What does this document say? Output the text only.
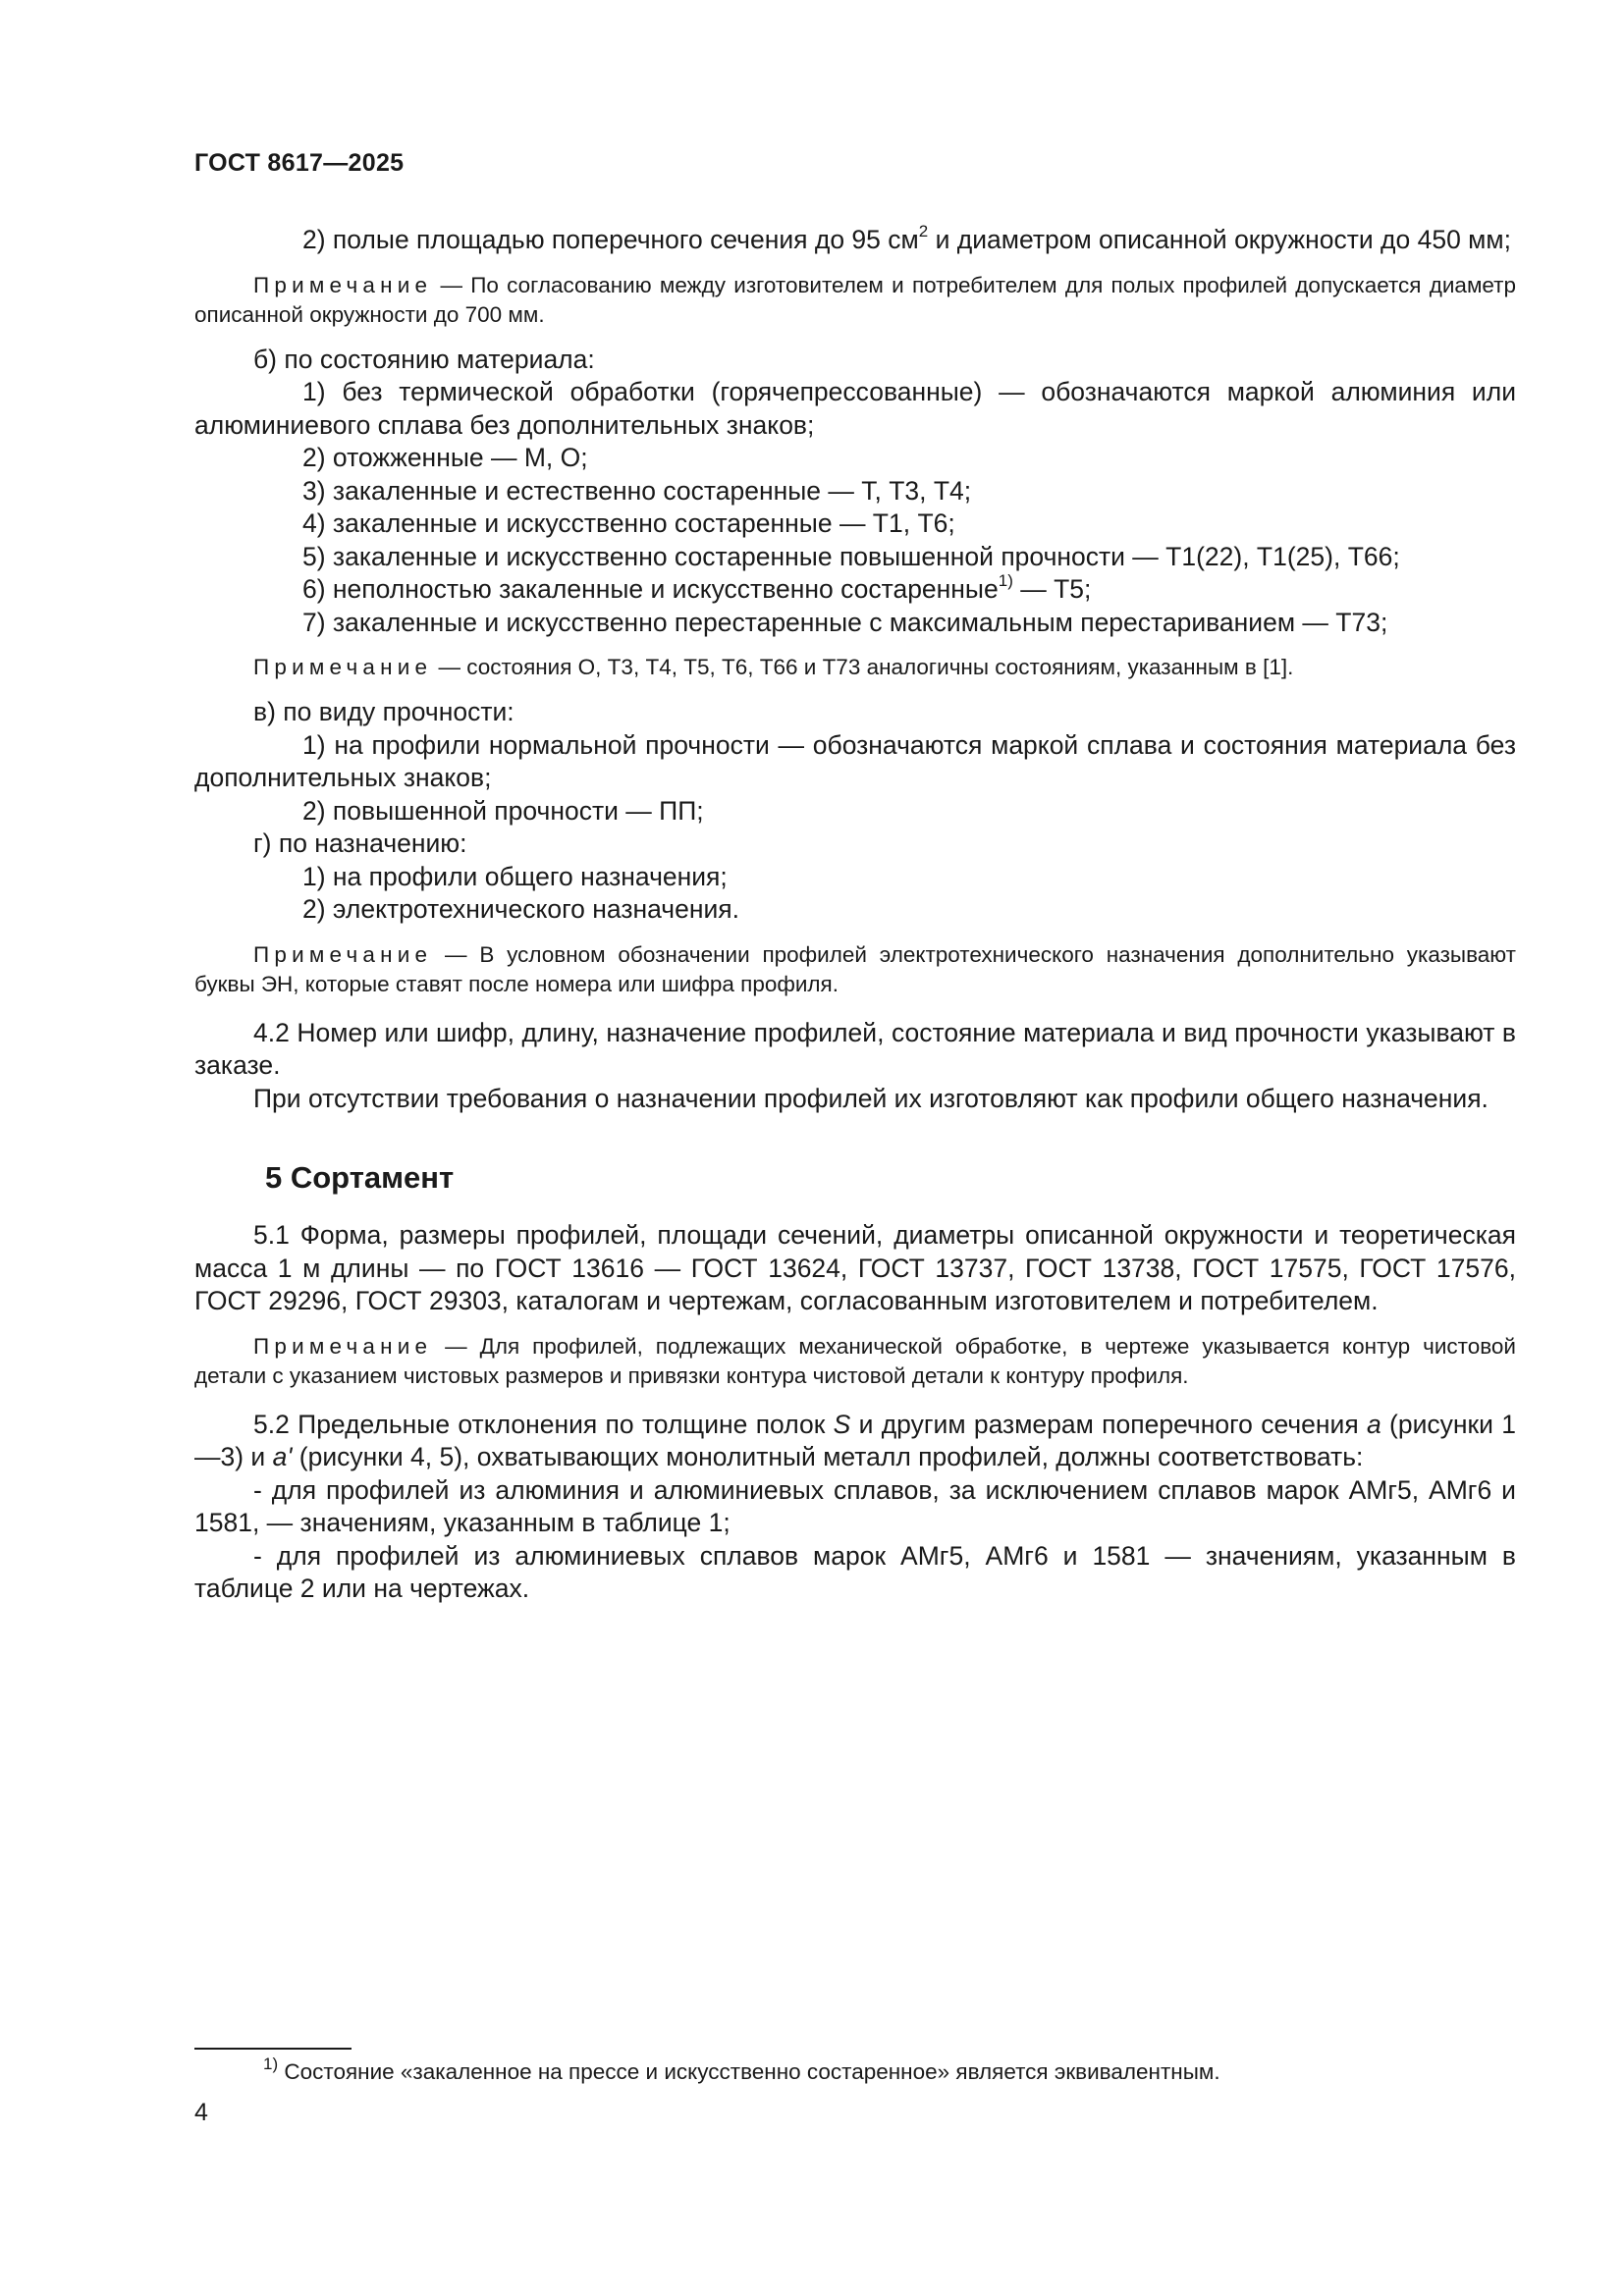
ГОСТ 8617—2025

2) полые площадью поперечного сечения до 95 $см^2$ и диаметром описанной окружности до 450 мм;

Примечание — По согласованию между изготовителем и потребителем для полых профилей допускается диаметр описанной окружности до 700 мм.

б) по состоянию материала:

1) без термической обработки (горячепрессованные) — обозначаются маркой алюминия или алюминиевого сплава без дополнительных знаков;

2) отожженные — М, О;

3) закаленные и естественно состаренные — Т, Т3, Т4;

4) закаленные и искусственно состаренные — Т1, Т6;

5) закаленные и искусственно состаренные повышенной прочности — Т1(22), Т1(25), Т66;

6) неполностью закаленные и искусственно состаренные$^{1)}$ — Т5;

7) закаленные и искусственно перестаренные с максимальным перестариванием — Т73;

Примечание — состояния О, Т3, Т4, Т5, Т6, Т66 и Т73 аналогичны состояниям, указанным в [1].

в) по виду прочности:

1) на профили нормальной прочности — обозначаются маркой сплава и состояния материала без дополнительных знаков;

2) повышенной прочности — ПП;

г) по назначению:

1) на профили общего назначения;

2) электротехнического назначения.

Примечание — В условном обозначении профилей электротехнического назначения дополнительно указывают буквы ЭН, которые ставят после номера или шифра профиля.

4.2 Номер или шифр, длину, назначение профилей, состояние материала и вид прочности указывают в заказе.

При отсутствии требования о назначении профилей их изготовляют как профили общего назначения.

5 Сортамент

5.1 Форма, размеры профилей, площади сечений, диаметры описанной окружности и теоретическая масса 1 м длины — по ГОСТ 13616 — ГОСТ 13624, ГОСТ 13737, ГОСТ 13738, ГОСТ 17575, ГОСТ 17576, ГОСТ 29296, ГОСТ 29303, каталогам и чертежам, согласованным изготовителем и потребителем.

Примечание — Для профилей, подлежащих механической обработке, в чертеже указывается контур чистовой детали с указанием чистовых размеров и привязки контура чистовой детали к контуру профиля.

5.2 Предельные отклонения по толщине полок S и другим размерам поперечного сечения a (рисунки 1—3) и a' (рисунки 4, 5), охватывающих монолитный металл профилей, должны соответствовать:

- для профилей из алюминия и алюминиевых сплавов, за исключением сплавов марок АМг5, АМг6 и 1581, — значениям, указанным в таблице 1;

- для профилей из алюминиевых сплавов марок АМг5, АМг6 и 1581 — значениям, указанным в таблице 2 или на чертежах.

$^{1)}$ Состояние «закаленное на прессе и искусственно состаренное» является эквивалентным.

4
